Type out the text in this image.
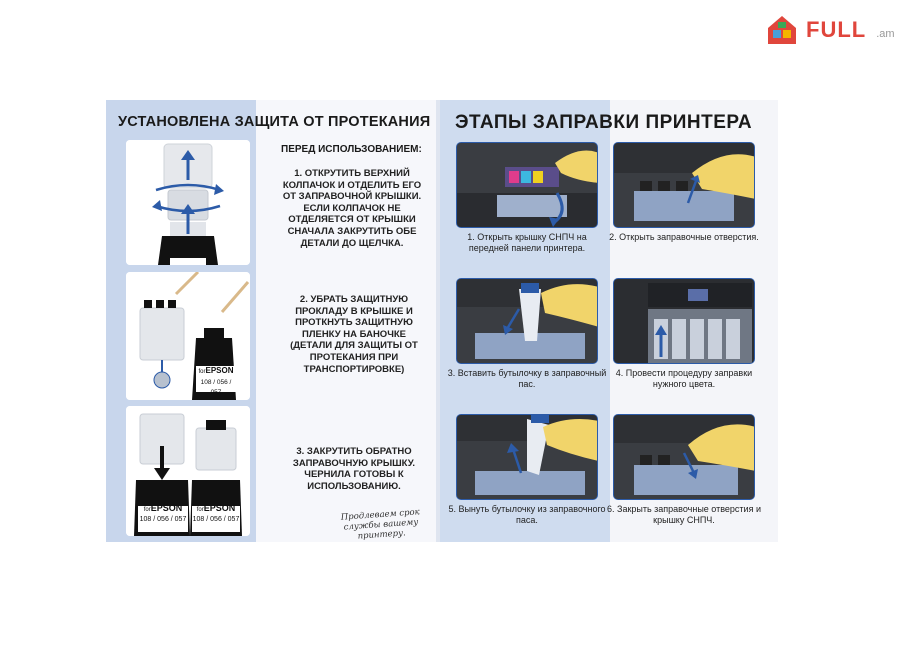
FULL .am
УСТАНОВЛЕНА ЗАЩИТА ОТ ПРОТЕКАНИЯ ЭТАПЫ ЗАПРАВКИ ПРИНТЕРА
ПЕРЕД ИСПОЛЬЗОВАНИЕМ:
forEPSON
108 / 056 / 057
forEPSON
108 / 056 / 057
forEPSON
108 / 056 / 057
1. ОТКРУТИТЬ ВЕРХНИЙ КОЛПАЧОК И ОТДЕЛИТЬ ЕГО ОТ ЗАПРАВОЧНОЙ КРЫШКИ. ЕСЛИ КОЛПАЧОК НЕ ОТДЕЛЯЕТСЯ ОТ КРЫШКИ СНАЧАЛА ЗАКРУТИТЬ ОБЕ ДЕТАЛИ ДО ЩЕЛЧКА.
2. УБРАТЬ ЗАЩИТНУЮ ПРОКЛАДУ В КРЫШКЕ И ПРОТКНУТЬ ЗАЩИТНУЮ ПЛЕНКУ НА БАНОЧКЕ (ДЕТАЛИ ДЛЯ ЗАЩИТЫ ОТ ПРОТЕКАНИЯ ПРИ ТРАНСПОРТИРОВКЕ)
3. ЗАКРУТИТЬ ОБРАТНО ЗАПРАВОЧНУЮ КРЫШКУ. ЧЕРНИЛА ГОТОВЫ К ИСПОЛЬЗОВАНИЮ.
Продлеваем срок службы вашему принтеру.
1. Открыть крышку СНПЧ на передней панели принтера.
2. Открыть заправочные отверстия.
3. Вставить бутылочку в заправочный пас.
4. Провести процедуру заправки нужного цвета.
5. Вынуть бутылочку из заправочного паса.
6. Закрыть заправочные отверстия и крышку СНПЧ.
